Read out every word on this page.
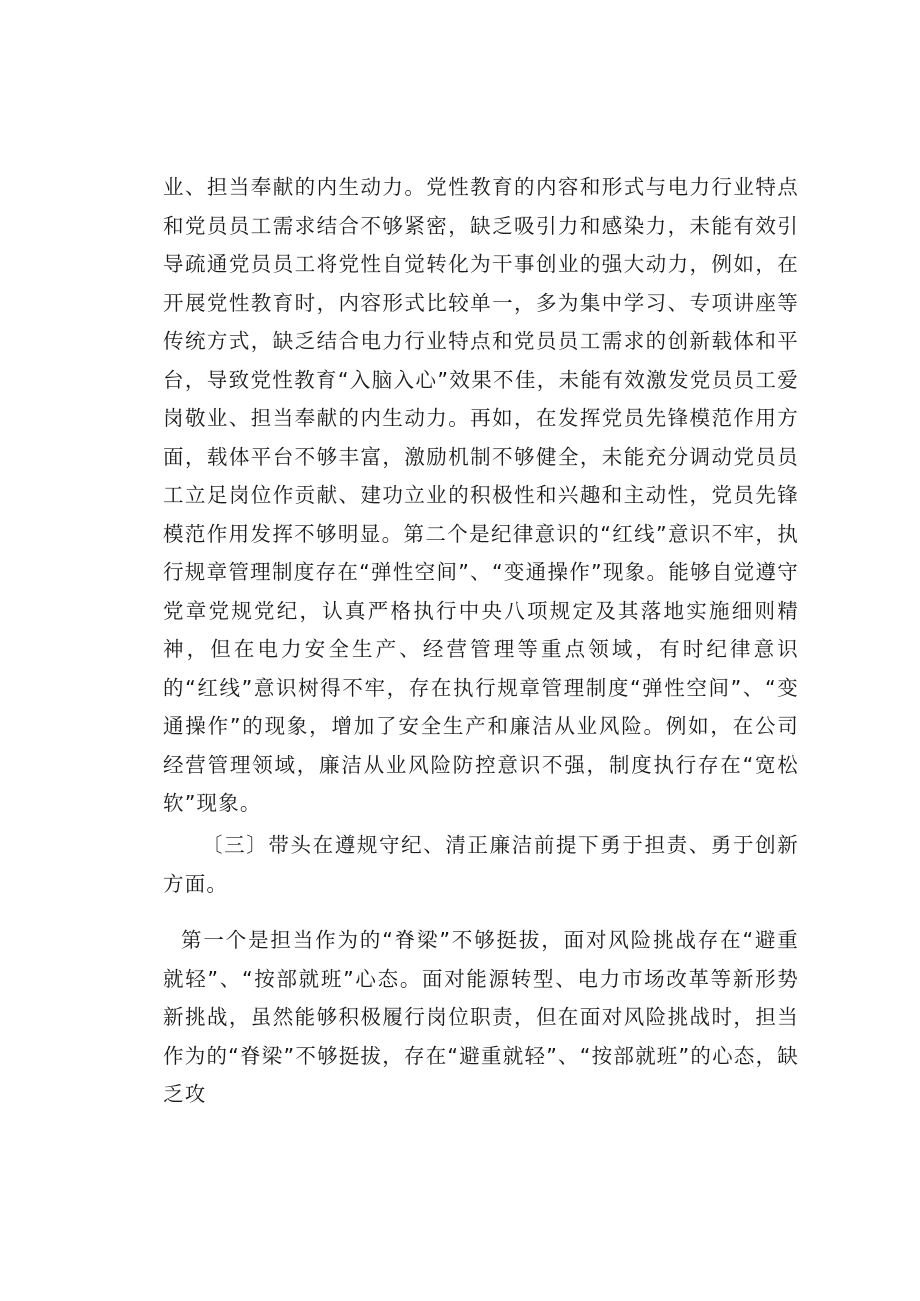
业、担当奉献的内生动力。党性教育的内容和形式与电力行业特点和党员员工需求结合不够紧密，缺乏吸引力和感染力，未能有效引导疏通党员员工将党性自觉转化为干事创业的强大动力，例如，在开展党性教育时，内容形式比较单一，多为集中学习、专项讲座等传统方式，缺乏结合电力行业特点和党员员工需求的创新载体和平台，导致党性教育“入脑入心”效果不佳，未能有效激发党员员工爱岗敬业、担当奉献的内生动力。再如，在发挥党员先锋模范作用方面，载体平台不够丰富，激励机制不够健全，未能充分调动党员员工立足岗位作贡献、建功立业的积极性和兴趣和主动性，党员先锋模范作用发挥不够明显。第二个是纪律意识的“红线”意识不牢，执行规章管理制度存在“弹性空间”、“变通操作”现象。能够自觉遵守党章党规党纪，认真严格执行中央八项规定及其落地实施细则精神，但在电力安全生产、经营管理等重点领域，有时纪律意识的“红线”意识树得不牢，存在执行规章管理制度“弹性空间”、“变通操作”的现象，增加了安全生产和廉洁从业风险。例如，在公司经营管理领域，廉洁从业风险防控意识不强，制度执行存在“宽松软”现象。

〔三〕带头在遵规守纪、清正廉洁前提下勇于担责、勇于创新方面。

第一个是担当作为的“脊梁”不够挺拔，面对风险挑战存在“避重就轻”、“按部就班”心态。面对能源转型、电力市场改革等新形势新挑战，虽然能够积极履行岗位职责，但在面对风险挑战时，担当作为的“脊梁”不够挺拔，存在“避重就轻”、“按部就班”的心态，缺乏攻
